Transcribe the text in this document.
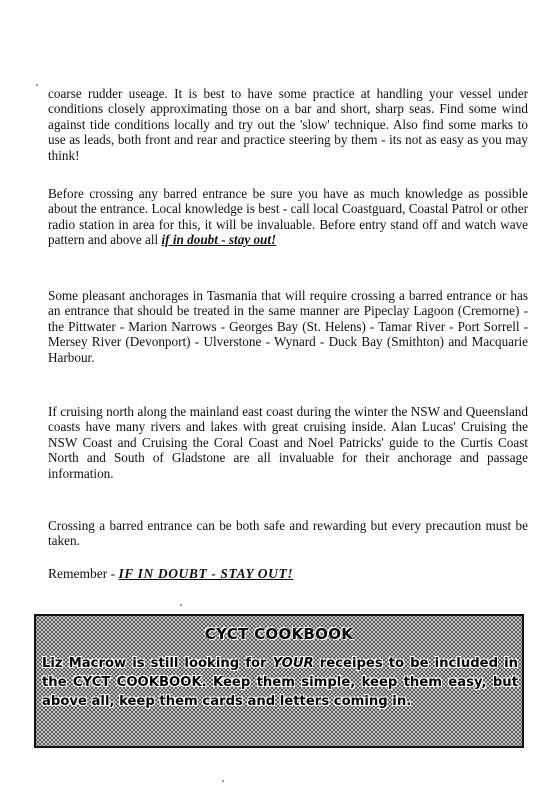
coarse rudder useage. It is best to have some practice at handling your vessel under conditions closely approximating those on a bar and short, sharp seas. Find some wind against tide conditions locally and try out the 'slow' technique. Also find some marks to use as leads, both front and rear and practice steering by them - its not as easy as you may think!

Before crossing any barred entrance be sure you have as much knowledge as possible about the entrance. Local knowledge is best - call local Coastguard, Coastal Patrol or other radio station in area for this, it will be invaluable. Before entry stand off and watch wave pattern and above all if in doubt - stay out!

Some pleasant anchorages in Tasmania that will require crossing a barred entrance or has an entrance that should be treated in the same manner are Pipeclay Lagoon (Cremorne) - the Pittwater - Marion Narrows - Georges Bay (St. Helens) - Tamar River - Port Sorrell - Mersey River (Devonport) - Ulverstone - Wynard - Duck Bay (Smithton) and Macquarie Harbour.

If cruising north along the mainland east coast during the winter the NSW and Queensland coasts have many rivers and lakes with great cruising inside. Alan Lucas' Cruising the NSW Coast and Cruising the Coral Coast and Noel Patricks' guide to the Curtis Coast North and South of Gladstone are all invaluable for their anchorage and passage information.

Crossing a barred entrance can be both safe and rewarding but every precaution must be taken.

Remember - IF IN DOUBT - STAY OUT!
CYCT COOKBOOK

Liz Macrow is still looking for YOUR receipes to be included in the CYCT COOKBOOK. Keep them simple, keep them easy, but above all, keep them cards and letters coming in.
